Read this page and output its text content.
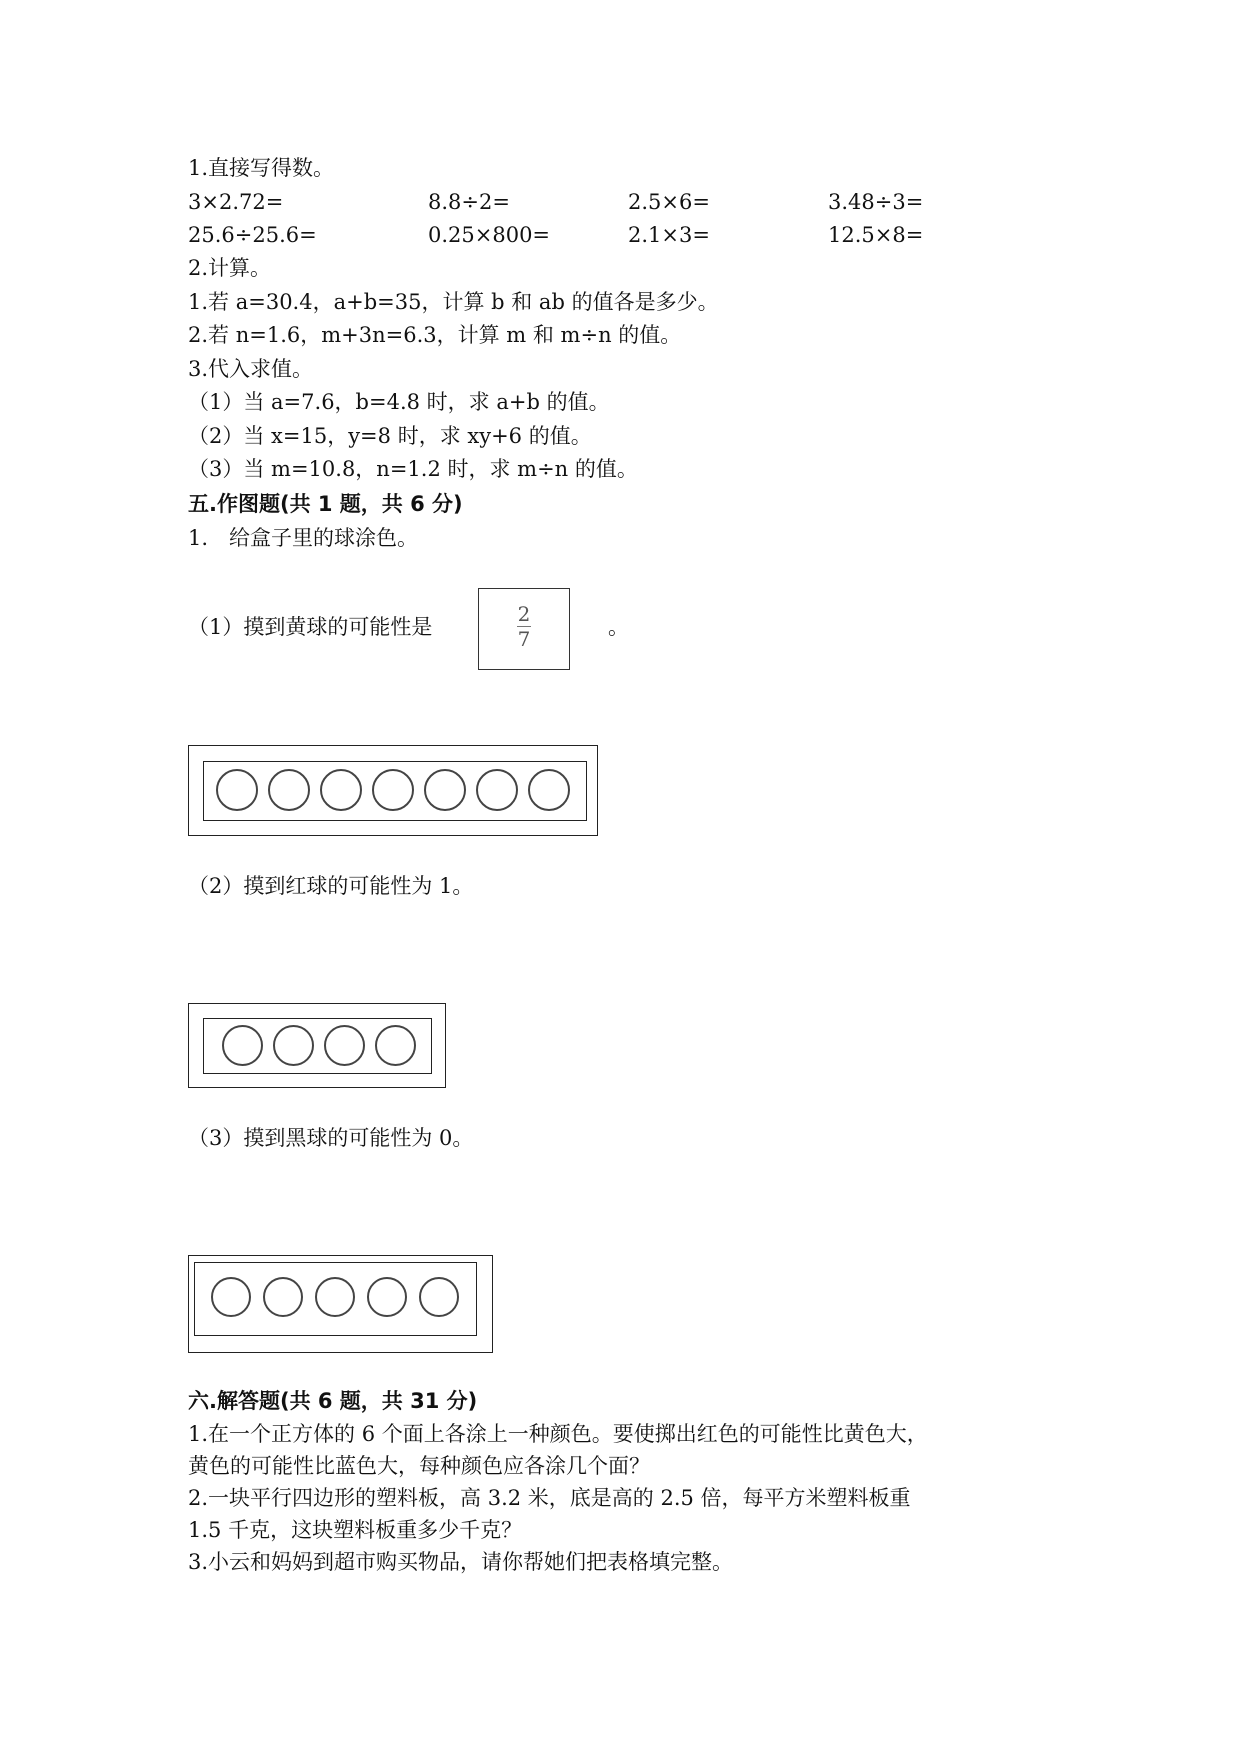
1.直接写得数。
3×2.72=	8.8÷2=	2.5×6=	3.48÷3=
25.6÷25.6=	0.25×800=	2.1×3=	12.5×8=
2.计算。
1.若 a=30.4，a+b=35，计算 b 和 ab 的值各是多少。
2.若 n=1.6，m+3n=6.3，计算 m 和 m÷n 的值。
3.代入求值。
（1）当 a=7.6，b=4.8 时，求 a+b 的值。
（2）当 x=15，y=8 时，求 xy+6 的值。
（3）当 m=10.8，n=1.2 时，求 m÷n 的值。
五.作图题(共 1 题，共 6 分)
1.　给盒子里的球涂色。
（1）摸到黄球的可能性是
2
7	。
（2）摸到红球的可能性为 1。
（3）摸到黑球的可能性为 0。
六.解答题(共 6 题，共 31 分)
1.在一个正方体的 6 个面上各涂上一种颜色。要使掷出红色的可能性比黄色大，
黄色的可能性比蓝色大，每种颜色应各涂几个面？
2.一块平行四边形的塑料板，高 3.2 米，底是高的 2.5 倍，每平方米塑料板重
1.5 千克，这块塑料板重多少千克？
3.小云和妈妈到超市购买物品，请你帮她们把表格填完整。
